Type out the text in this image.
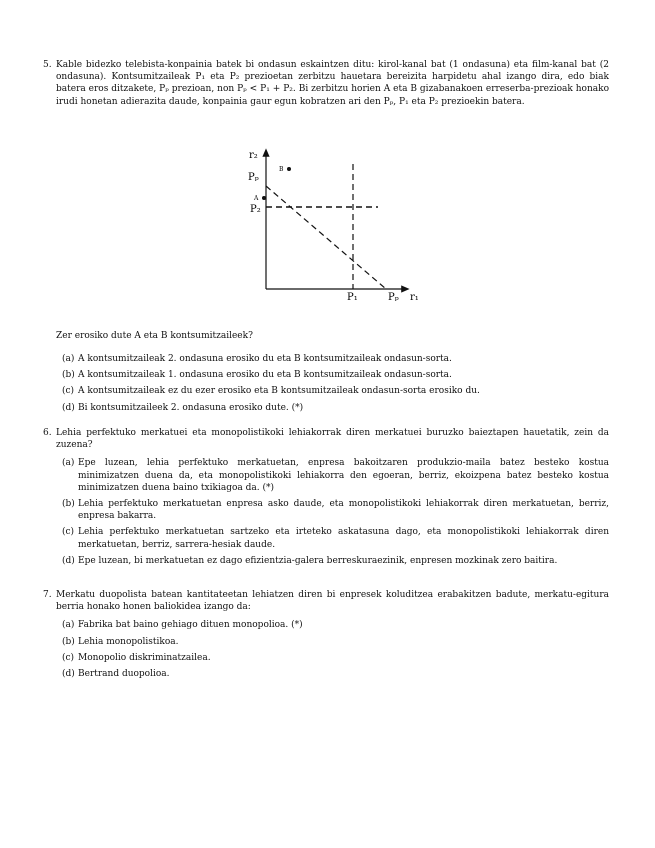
5. Kable bidezko telebista-konpainia batek bi ondasun eskaintzen ditu: kirol-kanal bat (1 ondasuna) eta film-kanal bat (2 ondasuna). Kontsumitzaileak P₁ eta P₂ prezioetan zerbitzu hauetara bereizita harpidetu ahal izango dira, edo biak batera eros ditzakete, Pₚ prezioan, non Pₚ < P₁ + P₂. Bi zerbitzu horien A eta B gizabanakoen erreserba-prezioak honako irudi honetan adierazita daude, konpainia gaur egun kobratzen ari den Pₚ, P₁ eta P₂ prezioekin batera.
B
A
r₂
Pₚ
P₂
P₁	Pₚ r₁
Zer erosiko dute A eta B kontsumitzaileek?
(a) A kontsumitzaileak 2. ondasuna erosiko du eta B kontsumitzaileak ondasun-sorta.
(b) A kontsumitzaileak 1. ondasuna erosiko du eta B kontsumitzaileak ondasun-sorta.
(c) A kontsumitzaileak ez du ezer erosiko eta B kontsumitzaileak ondasun-sorta erosiko du.
(d) Bi kontsumitzaileek 2. ondasuna erosiko dute. (*)
6. Lehia perfektuko merkatuei eta monopolistikoki lehiakorrak diren merkatuei buruzko baieztapen hauetatik, zein da zuzena?
(a) Epe luzean, lehia perfektuko merkatuetan, enpresa bakoitzaren produkzio-maila batez besteko kostua minimizatzen duena da, eta monopolistikoki lehiakorra den egoeran, berriz, ekoizpena batez besteko kostua minimizatzen duena baino txikiagoa da. (*)
(b) Lehia perfektuko merkatuetan enpresa asko daude, eta monopolistikoki lehiakorrak diren merkatuetan, berriz, enpresa bakarra.
(c) Lehia perfektuko merkatuetan sartzeko eta irteteko askatasuna dago, eta monopolistikoki lehiakorrak diren merkatuetan, berriz, sarrera-hesiak daude.
(d) Epe luzean, bi merkatuetan ez dago efizientzia-galera berreskuraezinik, enpresen mozkinak zero baitira.
7. Merkatu duopolista batean kantitateetan lehiatzen diren bi enpresek koluditzea erabakitzen badute, merkatu-egitura berria honako honen baliokidea izango da:
(a) Fabrika bat baino gehiago dituen monopolioa. (*)
(b) Lehia monopolistikoa.
(c) Monopolio diskriminatzailea.
(d) Bertrand duopolioa.
